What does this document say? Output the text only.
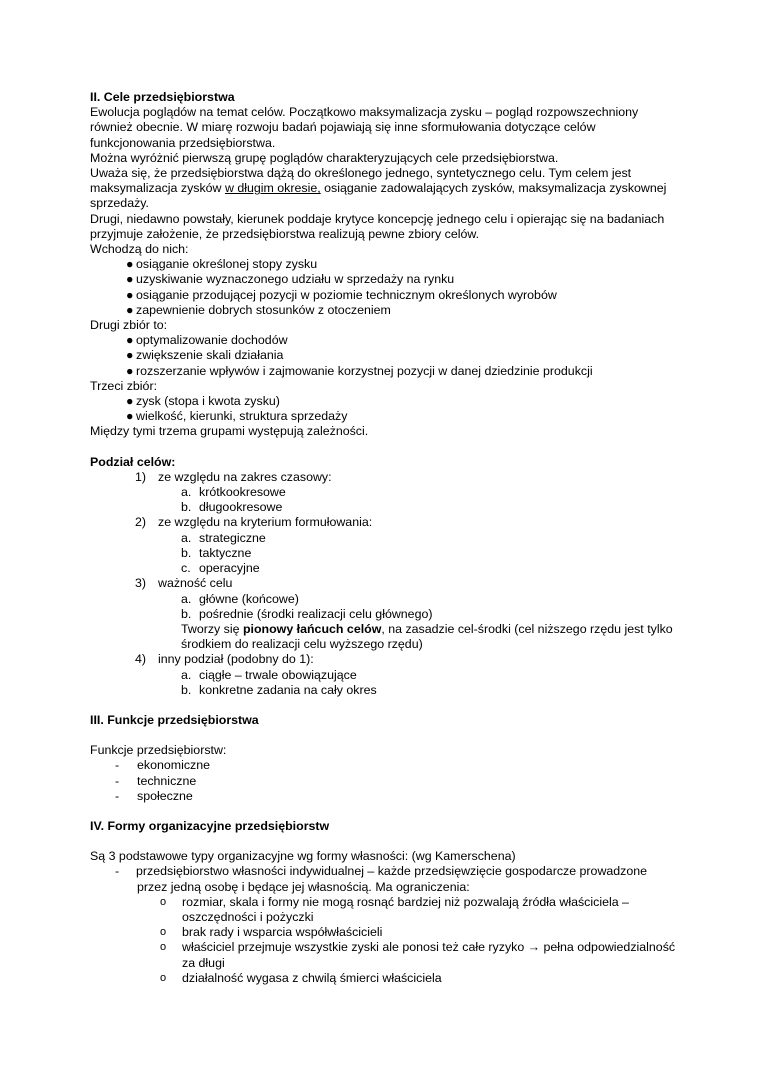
II. Cele przedsiębiorstwa

Ewolucja poglądów na temat celów. Początkowo maksymalizacja zysku – pogląd rozpowszechniony również obecnie. W miarę rozwoju badań pojawiają się inne sformułowania dotyczące celów funkcjonowania przedsiębiorstwa.

Można wyróżnić pierwszą grupę poglądów charakteryzujących cele przedsiębiorstwa.

Uważa się, że przedsiębiorstwa dążą do określonego jednego, syntetycznego celu. Tym celem jest maksymalizacja zysków w długim okresie, osiąganie zadowalających zysków, maksymalizacja zyskownej sprzedaży.

Drugi, niedawno powstały, kierunek poddaje krytyce koncepcję jednego celu i opierając się na badaniach przyjmuje założenie, że przedsiębiorstwa realizują pewne zbiory celów.

Wchodzą do nich:

● osiąganie określonej stopy zysku
● uzyskiwanie wyznaczonego udziału w sprzedaży na rynku
● osiąganie przodującej pozycji w poziomie technicznym określonych wyrobów
● zapewnienie dobrych stosunków z otoczeniem

Drugi zbiór to:

● optymalizowanie dochodów
● zwiększenie skali działania
● rozszerzanie wpływów i zajmowanie korzystnej pozycji w danej dziedzinie produkcji

Trzeci zbiór:

● zysk (stopa i kwota zysku)
● wielkość, kierunki, struktura sprzedaży

Między tymi trzema grupami występują zależności.

Podział celów:

1) ze względu na zakres czasowy:
a. krótkookresowe
b. długookresowe
2) ze względu na kryterium formułowania:
a. strategiczne
b. taktyczne
c. operacyjne
3) ważność celu
a. główne (końcowe)
b. pośrednie (środki realizacji celu głównego)
Tworzy się pionowy łańcuch celów, na zasadzie cel-środki (cel niższego rzędu jest tylko środkiem do realizacji celu wyższego rzędu)
4) inny podział (podobny do 1):
a. ciągłe – trwale obowiązujące
b. konkretne zadania na cały okres

III. Funkcje przedsiębiorstwa

Funkcje przedsiębiorstw:

- ekonomiczne
- techniczne
- społeczne

IV. Formy organizacyjne przedsiębiorstw

Są 3 podstawowe typy organizacyjne wg formy własności: (wg Kamerschena)

- przedsiębiorstwo własności indywidualnej – każde przedsięwzięcie gospodarcze prowadzone przez jedną osobę i będące jej własnością. Ma ograniczenia:
o rozmiar, skala i formy nie mogą rosnąć bardziej niż pozwalają źródła właściciela – oszczędności i pożyczki
o brak rady i wsparcia współwłaścicieli
o właściciel przejmuje wszystkie zyski ale ponosi też całe ryzyko → pełna odpowiedzialność za długi
o działalność wygasa z chwilą śmierci właściciela
